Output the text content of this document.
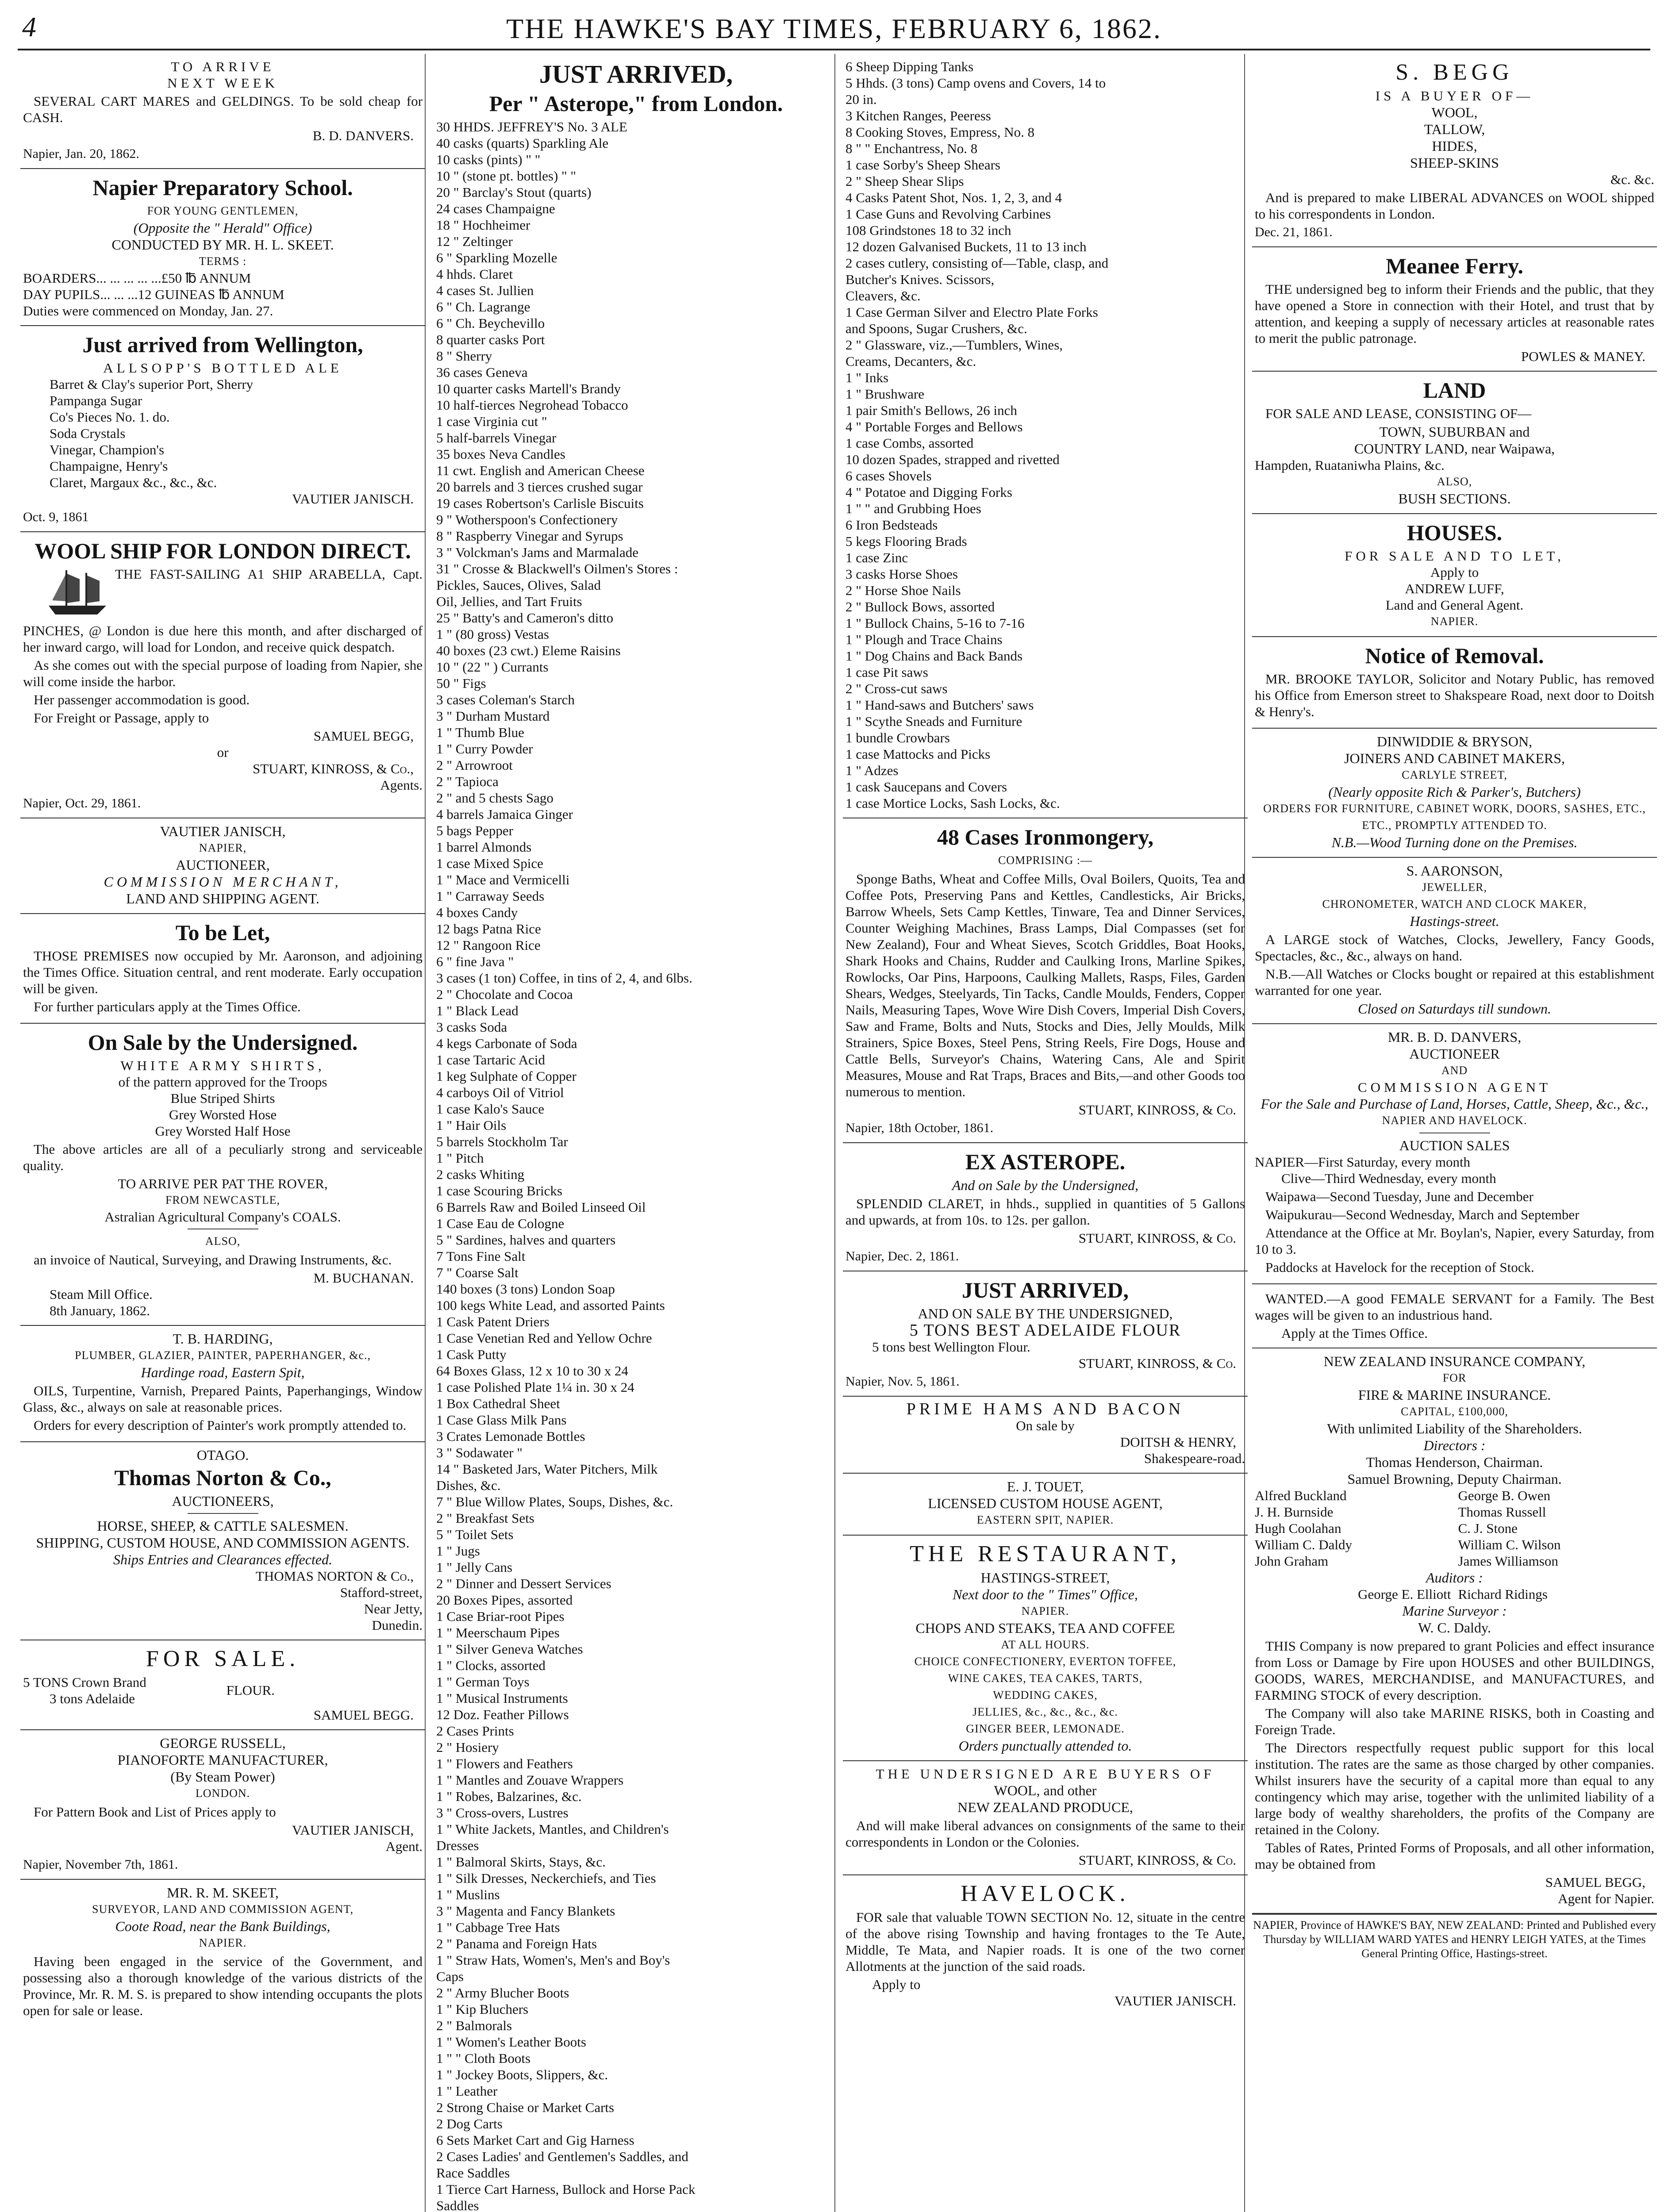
4	THE HAWKE'S BAY TIMES, FEBRUARY 6, 1862.
TO ARRIVE
NEXT WEEK
SEVERAL CART MARES and GELDINGS. To be sold cheap for CASH.
B. D. DANVERS.
Napier, Jan. 20, 1862.
Napier Preparatory School.
FOR YOUNG GENTLEMEN,
(Opposite the " Herald" Office)
CONDUCTED BY MR. H. L. SKEET.
TERMS :
BOARDERS... ... ... ... ...£50 ℔ ANNUM
DAY PUPILS... ... ...12 GUINEAS ℔ ANNUM
Duties were commenced on Monday, Jan. 27.
Just arrived from Wellington,
ALLSOPP'S BOTTLED ALE
Barret & Clay's superior Port, Sherry
Pampanga Sugar
Co's Pieces No. 1. do.
Soda Crystals
Vinegar, Champion's
Champaigne, Henry's
Claret, Margaux &c., &c., &c.
VAUTIER JANISCH.
Oct. 9, 1861
WOOL SHIP FOR LONDON DIRECT.
THE FAST-SAILING A1 SHIP ARABELLA, Capt. PINCHES, @ London is due here this month, and after discharged of her inward cargo, will load for London, and receive quick despatch.
As she comes out with the special purpose of loading from Napier, she will come inside the harbor.
Her passenger accommodation is good.
For Freight or Passage, apply to
SAMUEL BEGG,
or
STUART, KINROSS, & Co.,
Agents.
Napier, Oct. 29, 1861.
VAUTIER JANISCH,
NAPIER,
AUCTIONEER,
COMMISSION MERCHANT,
LAND AND SHIPPING AGENT.
To be Let,
THOSE PREMISES now occupied by Mr. Aaronson, and adjoining the Times Office. Situation central, and rent moderate. Early occupation will be given.
For further particulars apply at the Times Office.
On Sale by the Undersigned.
WHITE ARMY SHIRTS,
of the pattern approved for the Troops
Blue Striped Shirts
Grey Worsted Hose
Grey Worsted Half Hose
The above articles are all of a peculiarly strong and serviceable quality.
TO ARRIVE PER PAT THE ROVER,
FROM NEWCASTLE,
Astralian Agricultural Company's COALS.
ALSO,
an invoice of Nautical, Surveying, and Drawing Instruments, &c.
M. BUCHANAN.
Steam Mill Office.
8th January, 1862.
T. B. HARDING,
PLUMBER, GLAZIER, PAINTER, PAPERHANGER, &c.,
Hardinge road, Eastern Spit,
OILS, Turpentine, Varnish, Prepared Paints, Paperhangings, Window Glass, &c., always on sale at reasonable prices.
Orders for every description of Painter's work promptly attended to.
OTAGO.
Thomas Norton & Co.,
AUCTIONEERS,
HORSE, SHEEP, & CATTLE SALESMEN.
SHIPPING, CUSTOM HOUSE, AND COMMISSION AGENTS.
Ships Entries and Clearances effected.
THOMAS NORTON & Co.,
Stafford-street,
Near Jetty,
Dunedin.
FOR SALE.
5 TONS Crown Brand
3 tons Adelaide
FLOUR.
SAMUEL BEGG.
GEORGE RUSSELL,
PIANOFORTE MANUFACTURER,
(By Steam Power)
LONDON.
For Pattern Book and List of Prices apply to
VAUTIER JANISCH,
Agent.
Napier, November 7th, 1861.
MR. R. M. SKEET,
SURVEYOR, LAND AND COMMISSION AGENT,
Coote Road, near the Bank Buildings,
NAPIER.
Having been engaged in the service of the Government, and possessing also a thorough knowledge of the various districts of the Province, Mr. R. M. S. is prepared to show intending occupants the plots open for sale or lease.
JUST ARRIVED,
Per " Asterope," from London.
30 HHDS. JEFFREY'S No. 3 ALE
40 casks (quarts) Sparkling Ale
10 casks (pints) " "
10 " (stone pt. bottles) " "
20 " Barclay's Stout (quarts)
24 cases Champaigne
18 " Hochheimer
12 " Zeltinger
6 " Sparkling Mozelle
4 hhds. Claret
4 cases St. Jullien
6 " Ch. Lagrange
6 " Ch. Beychevillo
8 quarter casks Port
8 " Sherry
36 cases Geneva
10 quarter casks Martell's Brandy
10 half-tierces Negrohead Tobacco
1 case Virginia cut "
5 half-barrels Vinegar
35 boxes Neva Candles
11 cwt. English and American Cheese
20 barrels and 3 tierces crushed sugar
19 cases Robertson's Carlisle Biscuits
9 " Wotherspoon's Confectionery
8 " Raspberry Vinegar and Syrups
3 " Volckman's Jams and Marmalade
31 " Crosse & Blackwell's Oilmen's Stores :
Pickles, Sauces, Olives, Salad
Oil, Jellies, and Tart Fruits
25 " Batty's and Cameron's ditto
1 " (80 gross) Vestas
40 boxes (23 cwt.) Eleme Raisins
10 " (22 " ) Currants
50 " Figs
3 cases Coleman's Starch
3 " Durham Mustard
1 " Thumb Blue
1 " Curry Powder
2 " Arrowroot
2 " Tapioca
2 " and 5 chests Sago
4 barrels Jamaica Ginger
5 bags Pepper
1 barrel Almonds
1 case Mixed Spice
1 " Mace and Vermicelli
1 " Carraway Seeds
4 boxes Candy
12 bags Patna Rice
12 " Rangoon Rice
6 " fine Java "
3 cases (1 ton) Coffee, in tins of 2, 4, and 6lbs.
2 " Chocolate and Cocoa
1 " Black Lead
3 casks Soda
4 kegs Carbonate of Soda
1 case Tartaric Acid
1 keg Sulphate of Copper
4 carboys Oil of Vitriol
1 case Kalo's Sauce
1 " Hair Oils
5 barrels Stockholm Tar
1 " Pitch
2 casks Whiting
1 case Scouring Bricks
6 Barrels Raw and Boiled Linseed Oil
1 Case Eau de Cologne
5 " Sardines, halves and quarters
7 Tons Fine Salt
7 " Coarse Salt
140 boxes (3 tons) London Soap
100 kegs White Lead, and assorted Paints
1 Cask Patent Driers
1 Case Venetian Red and Yellow Ochre
1 Cask Putty
64 Boxes Glass, 12 x 10 to 30 x 24
1 case Polished Plate 1¼ in. 30 x 24
1 Box Cathedral Sheet
1 Case Glass Milk Pans
3 Crates Lemonade Bottles
3 " Sodawater "
14 " Basketed Jars, Water Pitchers, Milk
Dishes, &c.
7 " Blue Willow Plates, Soups, Dishes, &c.
2 " Breakfast Sets
5 " Toilet Sets
1 " Jugs
1 " Jelly Cans
2 " Dinner and Dessert Services
20 Boxes Pipes, assorted
1 Case Briar-root Pipes
1 " Meerschaum Pipes
1 " Silver Geneva Watches
1 " Clocks, assorted
1 " German Toys
1 " Musical Instruments
12 Doz. Feather Pillows
2 Cases Prints
2 " Hosiery
1 " Flowers and Feathers
1 " Mantles and Zouave Wrappers
1 " Robes, Balzarines, &c.
3 " Cross-overs, Lustres
1 " White Jackets, Mantles, and Children's
Dresses
1 " Balmoral Skirts, Stays, &c.
1 " Silk Dresses, Neckerchiefs, and Ties
1 " Muslins
3 " Magenta and Fancy Blankets
1 " Cabbage Tree Hats
2 " Panama and Foreign Hats
1 " Straw Hats, Women's, Men's and Boy's
Caps
2 " Army Blucher Boots
1 " Kip Bluchers
2 " Balmorals
1 " Women's Leather Boots
1 " " Cloth Boots
1 " Jockey Boots, Slippers, &c.
1 " Leather
2 Strong Chaise or Market Carts
2 Dog Carts
6 Sets Market Cart and Gig Harness
2 Cases Ladies' and Gentlemen's Saddles, and
Race Saddles
1 Tierce Cart Harness, Bullock and Horse Pack
Saddles
6 Sheep Dipping Tanks
5 Hhds. (3 tons) Camp ovens and Covers, 14 to
20 in.
3 Kitchen Ranges, Peeress
8 Cooking Stoves, Empress, No. 8
8 " " Enchantress, No. 8
1 case Sorby's Sheep Shears
2 " Sheep Shear Slips
4 Casks Patent Shot, Nos. 1, 2, 3, and 4
1 Case Guns and Revolving Carbines
108 Grindstones 18 to 32 inch
12 dozen Galvanised Buckets, 11 to 13 inch
2 cases cutlery, consisting of—Table, clasp, and
Butcher's Knives. Scissors,
Cleavers, &c.
1 Case German Silver and Electro Plate Forks
and Spoons, Sugar Crushers, &c.
2 " Glassware, viz.,—Tumblers, Wines,
Creams, Decanters, &c.
1 " Inks
1 " Brushware
1 pair Smith's Bellows, 26 inch
4 " Portable Forges and Bellows
1 case Combs, assorted
10 dozen Spades, strapped and rivetted
6 cases Shovels
4 " Potatoe and Digging Forks
1 " " and Grubbing Hoes
6 Iron Bedsteads
5 kegs Flooring Brads
1 case Zinc
3 casks Horse Shoes
2 " Horse Shoe Nails
2 " Bullock Bows, assorted
1 " Bullock Chains, 5-16 to 7-16
1 " Plough and Trace Chains
1 " Dog Chains and Back Bands
1 case Pit saws
2 " Cross-cut saws
1 " Hand-saws and Butchers' saws
1 " Scythe Sneads and Furniture
1 bundle Crowbars
1 case Mattocks and Picks
1 " Adzes
1 cask Saucepans and Covers
1 case Mortice Locks, Sash Locks, &c.
48 Cases Ironmongery,
COMPRISING :—
Sponge Baths, Wheat and Coffee Mills, Oval Boilers, Quoits, Tea and Coffee Pots, Preserving Pans and Kettles, Candlesticks, Air Bricks, Barrow Wheels, Sets Camp Kettles, Tinware, Tea and Dinner Services, Counter Weighing Machines, Brass Lamps, Dial Compasses (set for New Zealand), Four and Wheat Sieves, Scotch Griddles, Boat Hooks, Shark Hooks and Chains, Rudder and Caulking Irons, Marline Spikes, Rowlocks, Oar Pins, Harpoons, Caulking Mallets, Rasps, Files, Garden Shears, Wedges, Steelyards, Tin Tacks, Candle Moulds, Fenders, Copper Nails, Measuring Tapes, Wove Wire Dish Covers, Imperial Dish Covers, Saw and Frame, Bolts and Nuts, Stocks and Dies, Jelly Moulds, Milk Strainers, Spice Boxes, Steel Pens, String Reels, Fire Dogs, House and Cattle Bells, Surveyor's Chains, Watering Cans, Ale and Spirit Measures, Mouse and Rat Traps, Braces and Bits,—and other Goods too numerous to mention.
STUART, KINROSS, & Co.
Napier, 18th October, 1861.
EX ASTEROPE.
And on Sale by the Undersigned,
SPLENDID CLARET, in hhds., supplied in quantities of 5 Gallons and upwards, at from 10s. to 12s. per gallon.
STUART, KINROSS, & Co.
Napier, Dec. 2, 1861.
JUST ARRIVED,
AND ON SALE BY THE UNDERSIGNED,
5 TONS BEST ADELAIDE FLOUR
5 tons best Wellington Flour.
STUART, KINROSS, & Co.
Napier, Nov. 5, 1861.
PRIME HAMS AND BACON
On sale by
DOITSH & HENRY,
Shakespeare-road.
E. J. TOUET,
LICENSED CUSTOM HOUSE AGENT,
EASTERN SPIT, NAPIER.
THE RESTAURANT,
HASTINGS-STREET,
Next door to the " Times" Office,
NAPIER.
CHOPS AND STEAKS, TEA AND COFFEE
AT ALL HOURS.
CHOICE CONFECTIONERY, EVERTON TOFFEE,
WINE CAKES, TEA CAKES, TARTS,
WEDDING CAKES,
JELLIES, &c., &c., &c., &c.
GINGER BEER, LEMONADE.
Orders punctually attended to.
THE UNDERSIGNED ARE BUYERS OF
WOOL, and other
NEW ZEALAND PRODUCE,
And will make liberal advances on consignments of the same to their correspondents in London or the Colonies.
STUART, KINROSS, & Co.
HAVELOCK.
FOR sale that valuable TOWN SECTION No. 12, situate in the centre of the above rising Township and having frontages to the Te Aute, Middle, Te Mata, and Napier roads. It is one of the two corner Allotments at the junction of the said roads.
Apply to
VAUTIER JANISCH.
S. BEGG
IS A BUYER OF—
WOOL,
TALLOW,
HIDES,
SHEEP-SKINS
&c. &c.
And is prepared to make LIBERAL ADVANCES on WOOL shipped to his correspondents in London.
Dec. 21, 1861.
Meanee Ferry.
THE undersigned beg to inform their Friends and the public, that they have opened a Store in connection with their Hotel, and trust that by attention, and keeping a supply of necessary articles at reasonable rates to merit the public patronage.
POWLES & MANEY.
LAND
FOR SALE AND LEASE, CONSISTING OF—
TOWN, SUBURBAN and
COUNTRY LAND, near Waipawa,
Hampden, Ruataniwha Plains, &c.
ALSO,
BUSH SECTIONS.
HOUSES.
FOR SALE AND TO LET,
Apply to
ANDREW LUFF,
Land and General Agent.
NAPIER.
Notice of Removal.
MR. BROOKE TAYLOR, Solicitor and Notary Public, has removed his Office from Emerson street to Shakspeare Road, next door to Doitsh & Henry's.
DINWIDDIE & BRYSON,
JOINERS AND CABINET MAKERS,
CARLYLE STREET,
(Nearly opposite Rich & Parker's, Butchers)
ORDERS FOR FURNITURE, CABINET WORK, DOORS, SASHES, ETC., ETC., PROMPTLY ATTENDED TO.
N.B.—Wood Turning done on the Premises.
S. AARONSON,
JEWELLER,
CHRONOMETER, WATCH AND CLOCK MAKER,
Hastings-street.
A LARGE stock of Watches, Clocks, Jewellery, Fancy Goods, Spectacles, &c., &c., always on hand.
N.B.—All Watches or Clocks bought or repaired at this establishment warranted for one year.
Closed on Saturdays till sundown.
MR. B. D. DANVERS,
AUCTIONEER
AND
COMMISSION AGENT
For the Sale and Purchase of Land, Horses, Cattle, Sheep, &c., &c.,
NAPIER AND HAVELOCK.
AUCTION SALES
NAPIER—First Saturday, every month
Clive—Third Wednesday, every month
Waipawa—Second Tuesday, June and December
Waipukurau—Second Wednesday, March and September
Attendance at the Office at Mr. Boylan's, Napier, every Saturday, from 10 to 3.
Paddocks at Havelock for the reception of Stock.
WANTED.—A good FEMALE SERVANT for a Family. The Best wages will be given to an industrious hand.
Apply at the Times Office.
NEW ZEALAND INSURANCE COMPANY,
FOR
FIRE & MARINE INSURANCE.
CAPITAL, £100,000,
With unlimited Liability of the Shareholders.
Directors :
Thomas Henderson, Chairman.
Samuel Browning, Deputy Chairman.
Alfred Buckland
J. H. Burnside
Hugh Coolahan
William C. Daldy
John Graham
George B. Owen
Thomas Russell
C. J. Stone
William C. Wilson
James Williamson
Auditors :
George E. Elliott Richard Ridings
Marine Surveyor :
W. C. Daldy.
THIS Company is now prepared to grant Policies and effect insurance from Loss or Damage by Fire upon HOUSES and other BUILDINGS, GOODS, WARES, MERCHANDISE, and MANUFACTURES, and FARMING STOCK of every description.
The Company will also take MARINE RISKS, both in Coasting and Foreign Trade.
The Directors respectfully request public support for this local institution. The rates are the same as those charged by other companies. Whilst insurers have the security of a capital more than equal to any contingency which may arise, together with the unlimited liability of a large body of wealthy shareholders, the profits of the Company are retained in the Colony.
Tables of Rates, Printed Forms of Proposals, and all other information, may be obtained from
SAMUEL BEGG,
Agent for Napier.
NAPIER, Province of HAWKE'S BAY, NEW ZEALAND: Printed and Published every Thursday by WILLIAM WARD YATES and HENRY LEIGH YATES, at the Times General Printing Office, Hastings-street.
